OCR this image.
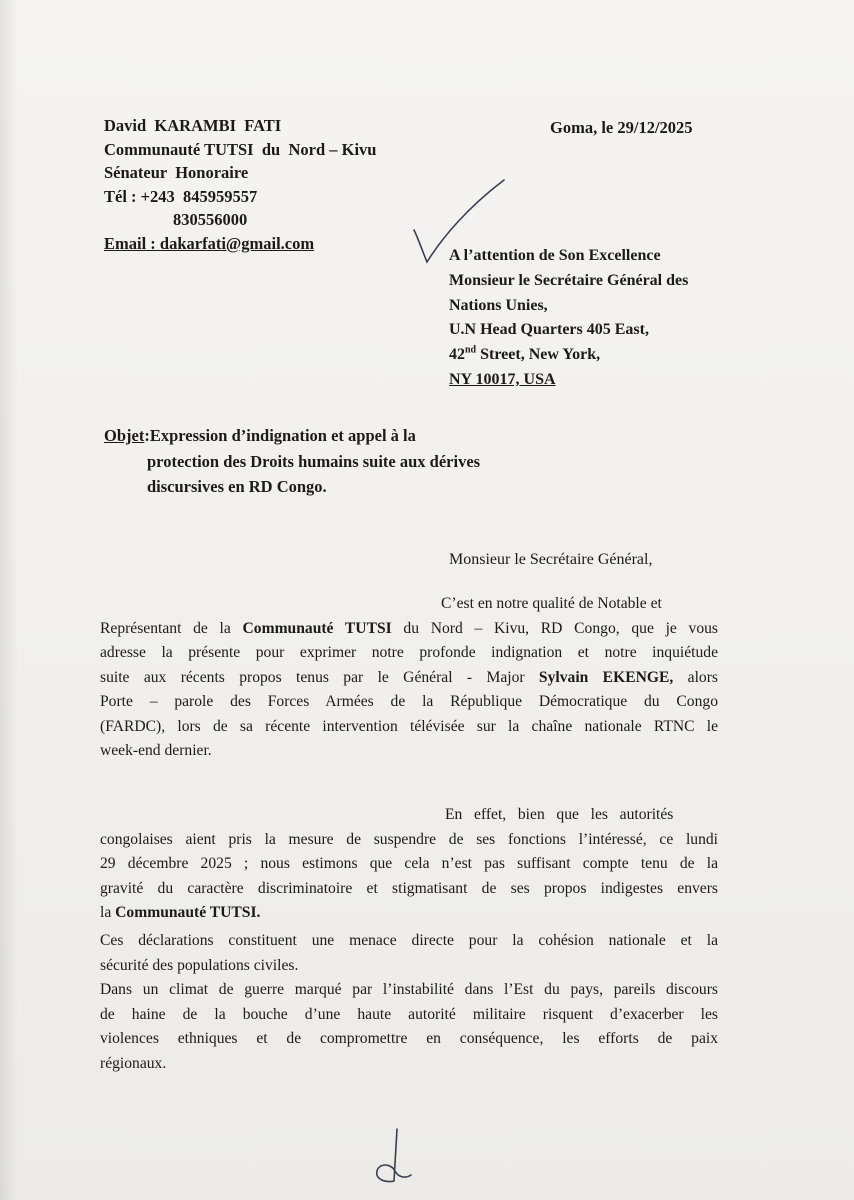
David  KARAMBI  FATI
Communauté TUTSI  du  Nord – Kivu
Sénateur  Honoraire
Tél : +243  845959557
830556000
Email : dakarfati@gmail.com
Goma, le 29/12/2025
A l’attention de Son Excellence
Monsieur le Secrétaire Général des
Nations Unies,
U.N Head Quarters 405 East,
42nd Street, New York,
NY 10017, USA
Objet:Expression d’indignation et appel à la
protection des Droits humains suite aux dérives
discursives en RD Congo.
Monsieur le Secrétaire Général,
C’est en notre qualité de Notable et
Représentant de la Communauté TUTSI du Nord – Kivu, RD Congo, que je vous
adresse la présente pour exprimer notre profonde indignation et notre inquiétude
suite aux récents propos tenus par le Général - Major Sylvain EKENGE, alors
Porte – parole des Forces Armées de la République Démocratique du Congo
(FARDC), lors de sa récente intervention télévisée sur la chaîne nationale RTNC le
week-end dernier.
En   effet,   bien   que   les   autorités
congolaises aient pris la mesure de suspendre de ses fonctions l’intéressé, ce lundi
29 décembre 2025 ; nous estimons que cela n’est pas suffisant compte tenu de la
gravité du caractère discriminatoire et stigmatisant de ses propos indigestes envers
la Communauté TUTSI.
Ces déclarations constituent une menace directe pour la cohésion nationale et la
sécurité des populations civiles.
Dans un climat de guerre marqué par l’instabilité dans l’Est du pays, pareils discours
de haine de la bouche d’une haute autorité militaire risquent d’exacerber les
violences ethniques et de compromettre en conséquence, les efforts de paix
régionaux.
